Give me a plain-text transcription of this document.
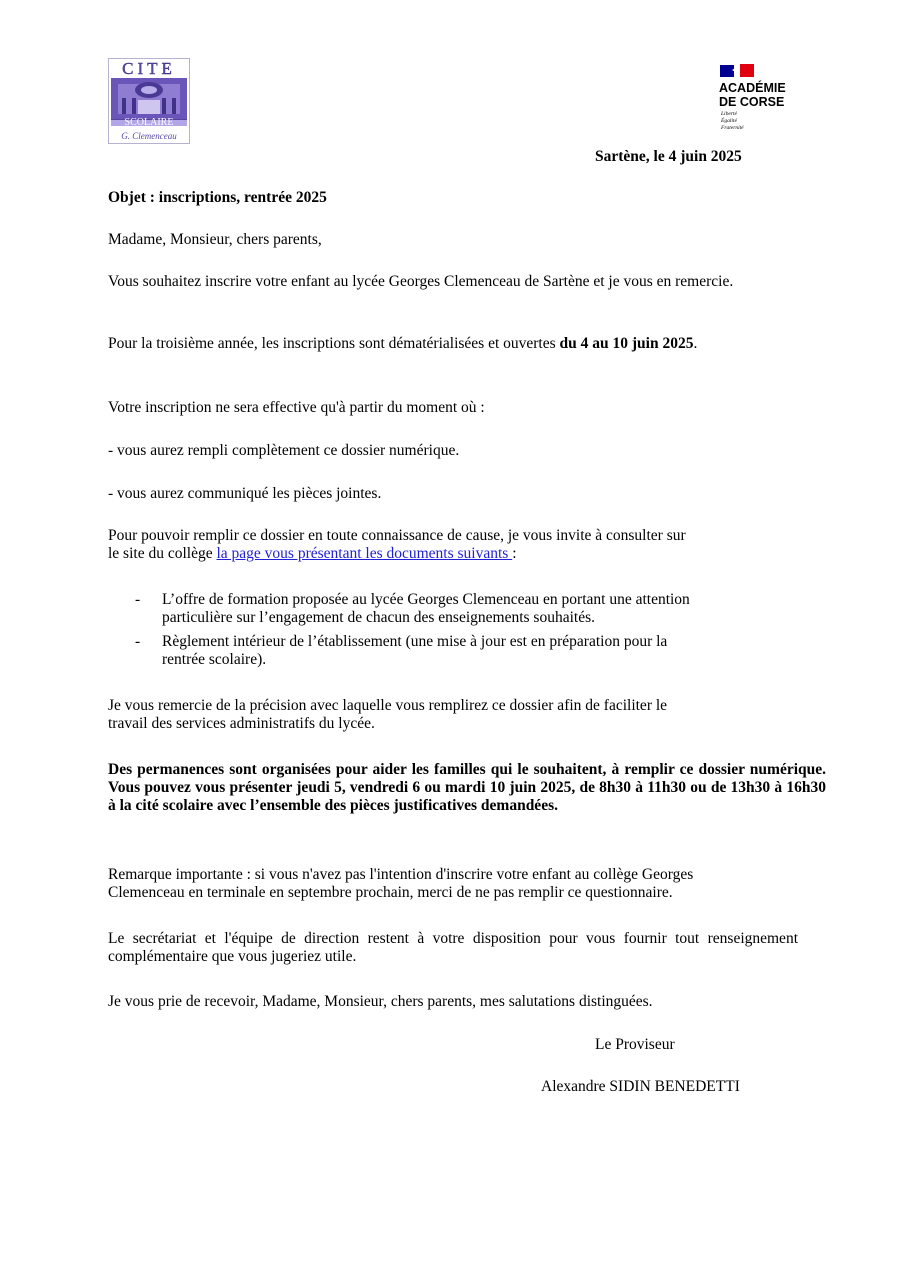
CITE
SCOLAIRE
G. Clemenceau
ACADÉMIE
DE CORSE
Liberté
Égalité
Fraternité

Sartène, le 4 juin 2025

Objet : inscriptions, rentrée 2025

Madame, Monsieur, chers parents,

Vous souhaitez inscrire votre enfant au lycée Georges Clemenceau de Sartène et je vous en remercie.

Pour la troisième année, les inscriptions sont dématérialisées et ouvertes du 4 au 10 juin 2025.

Votre inscription ne sera effective qu'à partir du moment où :

- vous aurez rempli complètement ce dossier numérique.

- vous aurez communiqué les pièces jointes.

Pour pouvoir remplir ce dossier en toute connaissance de cause, je vous invite à consulter sur

le site du collège la page vous présentant les documents suivants :

- L’offre de formation proposée au lycée Georges Clemenceau en portant une attention

particulière sur l’engagement de chacun des enseignements souhaités.

- Règlement intérieur de l’établissement (une mise à jour est en préparation pour la

rentrée scolaire).

Je vous remercie de la précision avec laquelle vous remplirez ce dossier afin de faciliter le

travail des services administratifs du lycée.

Des permanences sont organisées pour aider les familles qui le souhaitent, à remplir ce dossier numérique. Vous pouvez vous présenter jeudi 5, vendredi 6 ou mardi 10 juin 2025, de 8h30 à 11h30 ou de 13h30 à 16h30 à la cité scolaire avec l’ensemble des pièces justificatives demandées.

Remarque importante : si vous n'avez pas l'intention d'inscrire votre enfant au collège Georges

Clemenceau en terminale en septembre prochain, merci de ne pas remplir ce questionnaire.

Le secrétariat et l'équipe de direction restent à votre disposition pour vous fournir tout renseignement complémentaire que vous jugeriez utile.

Je vous prie de recevoir, Madame, Monsieur, chers parents, mes salutations distinguées.

Le Proviseur

Alexandre SIDIN BENEDETTI
